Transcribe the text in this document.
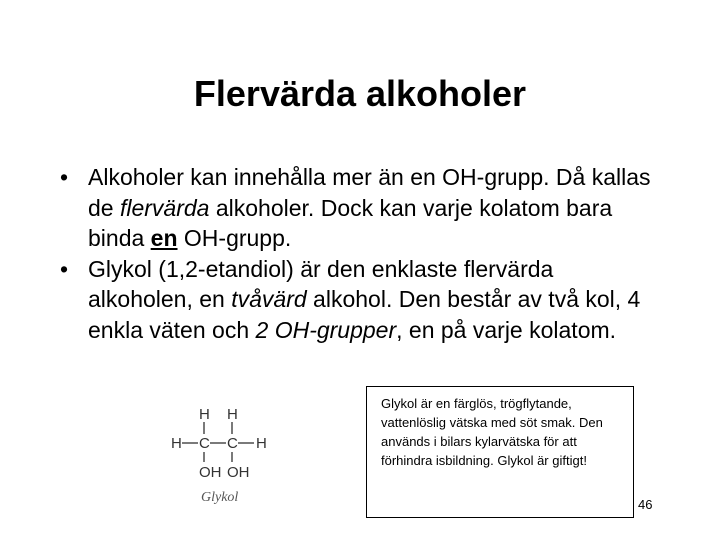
Flervärda alkoholer
• Alkoholer kan innehålla mer än en OH-grupp. Då kallas de flervärda alkoholer. Dock kan varje kolatom bara binda en OH-grupp.
• Glykol (1,2-etandiol) är den enklaste flervärda alkoholen, en tvåvärd alkohol. Den består av två kol, 4 enkla väten och 2 OH-grupper, en på varje kolatom.
H H
H C C H
OH OH
Glykol
Glykol är en färglös, trögflytande, vattenlöslig vätska med söt smak. Den används i bilars kylarvätska för att förhindra isbildning. Glykol är giftigt!
46
